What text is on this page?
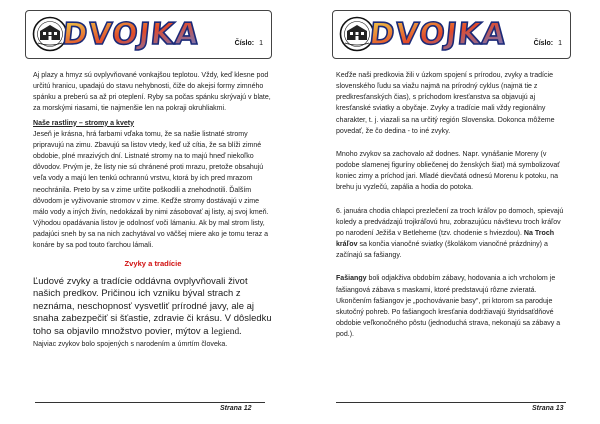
DVOJKA	Číslo: 1

Aj plazy a hmyz sú ovplyvňované vonkajšou teplotou. Vždy, keď klesne pod určitú hranicu, upadajú do stavu nehybnosti, čiže do akejsi formy zimného spánku a preberú sa až pri oteplení. Ryby sa počas spánku skrývajú v blate, za morskými riasami, tie najmenšie len na pokraji okruhliakmi.

Naše rastliny – stromy a kvety

Jeseň je krásna, hrá farbami vďaka tomu, že sa našie listnaté stromy pripravujú na zimu. Zbavujú sa listov vtedy, keď už cítia, že sa blíži zimné obdobie, plné mrazivých dní. Listnaté stromy na to majú hneď niekoľko dôvodov. Prvým je, že listy nie sú chránené proti mrazu, pretože obsahujú veľa vody a majú len tenkú ochrannú vrstvu, ktorá by ich pred mrazom neochránila. Preto by sa v zime určite poškodili a znehodnotili. Ďalším dôvodom je vyživovanie stromov v zime. Keďže stromy dostávajú v zime málo vody a iných živín, nedokázali by nimi zásobovať aj listy, aj svoj kmeň. Výhodou opadávania listov je odolnosť voči lámaniu. Ak by mal strom listy, padajúci sneh by sa na nich zachytával vo väčšej miere ako je tomu teraz a konáre by sa pod touto ťarchou lámali.

Zvyky a tradície

Ľudové zvyky a tradície oddávna ovplyvňovali život našich predkov. Pričinou ich vzniku býval strach z neznáma, neschopnosť vysvetliť prírodné javy, ale aj snaha zabezpečiť si šťastie, zdravie či krásu. V dôsledku toho sa objavilo množstvo povier, mýtov a legiend.

Najviac zvykov bolo spojených s narodením a úmrtím človeka.

Strana 12
DVOJKA	Číslo: 1

Keďže naši predkovia žili v úzkom spojení s prírodou, zvyky a tradície slovenského ľudu sa viažu najmä na prírodný cyklus (najmä tie z predkresťanských čias), s príchodom kresťanstva sa objavujú aj kresťanské sviatky a obyčaje. Zvyky a tradície mali vždy regionálny charakter, t. j. viazali sa na určitý región Slovenska. Dokonca môžeme povedať, že čo dedina - to iné zvyky.

Mnoho zvykov sa zachovalo až dodnes. Napr. vynášanie Moreny (v podobe slamenej figuríny obliečenej do ženských šiat) má symbolizovať koniec zimy a príchod jari. Mladé dievčatá odnesú Morenu k potoku, na brehu ju vyzlečú, zapália a hodia do potoka.

6. januára chodia chlapci prezlečení za troch kráľov po domoch, spievajú koledy a predvádzajú trojkráľovú hru, zobrazujúcu návštevu troch kráľov po narodení Ježiša v Betleheme (tzv. chodenie s hviezdou). Na Troch kráľov sa končia vianočné sviatky (školákom vianočné prázdniny) a začínajú sa fašiangy.

Fašiangy boli odjakživa obdobím zábavy, hodovania a ich vrcholom je fašiangová zábava s maskami, ktoré predstavujú rôzne zvieratá. Ukončením fašiangov je „pochovávanie basy", pri ktorom sa paroduje skutočný pohreb. Po fašiangoch kresťania dodržiavajú štyridsaťdňové obdobie veľkonočného pôstu (jednoduchá strava, nekonajú sa zábavy a pod.).

Strana 13
